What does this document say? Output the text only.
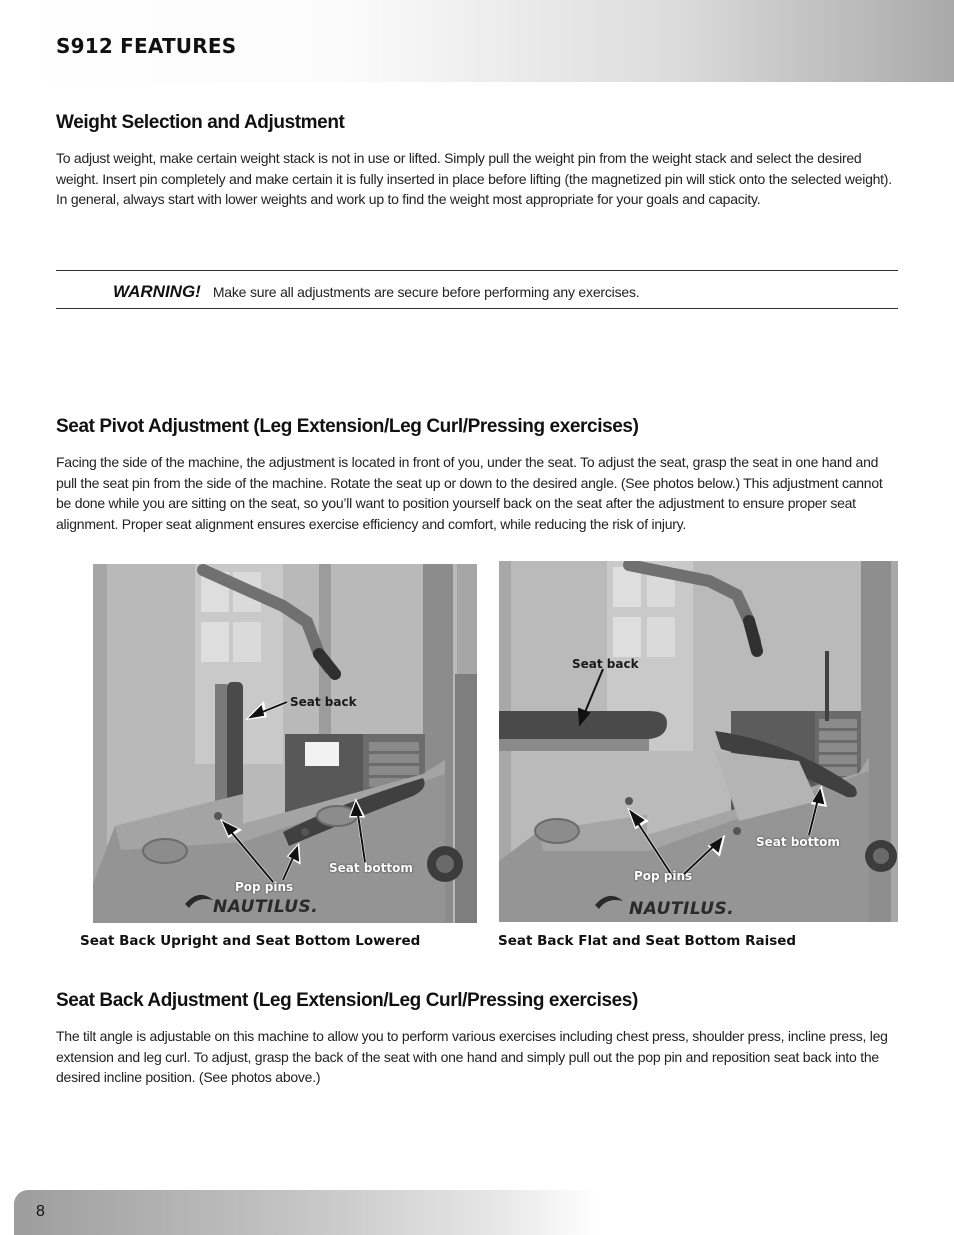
S912 FEATURES
Weight Selection and Adjustment

To adjust weight, make certain weight stack is not in use or lifted. Simply pull the weight pin from the weight stack and select the desired weight. Insert pin completely and make certain it is fully inserted in place before lifting (the magnetized pin will stick onto the selected weight). In general, always start with lower weights and work up to find the weight most appropriate for your goals and capacity.

WARNING! Make sure all adjustments are secure before performing any exercises.
Seat Pivot Adjustment (Leg Extension/Leg Curl/Pressing exercises)

Facing the side of the machine, the adjustment is located in front of you, under the seat. To adjust the seat, grasp the seat in one hand and pull the seat pin from the side of the machine. Rotate the seat up or down to the desired angle. (See photos below.) This adjustment cannot be done while you are sitting on the seat, so you’ll want to position yourself back on the seat after the adjustment to ensure proper seat alignment. Proper seat alignment ensures exercise efficiency and comfort, while reducing the risk of injury.

Seat back
Seat bottom
Pop pins
NAUTILUS.
Seat back
Seat bottom
Pop pins
NAUTILUS.

Seat Back Upright and Seat Bottom Lowered	Seat Back Flat and Seat Bottom Raised

Seat Back Adjustment (Leg Extension/Leg Curl/Pressing exercises)

The tilt angle is adjustable on this machine to allow you to perform various exercises including chest press, shoulder press, incline press, leg extension and leg curl. To adjust, grasp the back of the seat with one hand and simply pull out the pop pin and reposition seat back into the desired incline position. (See photos above.)

8
